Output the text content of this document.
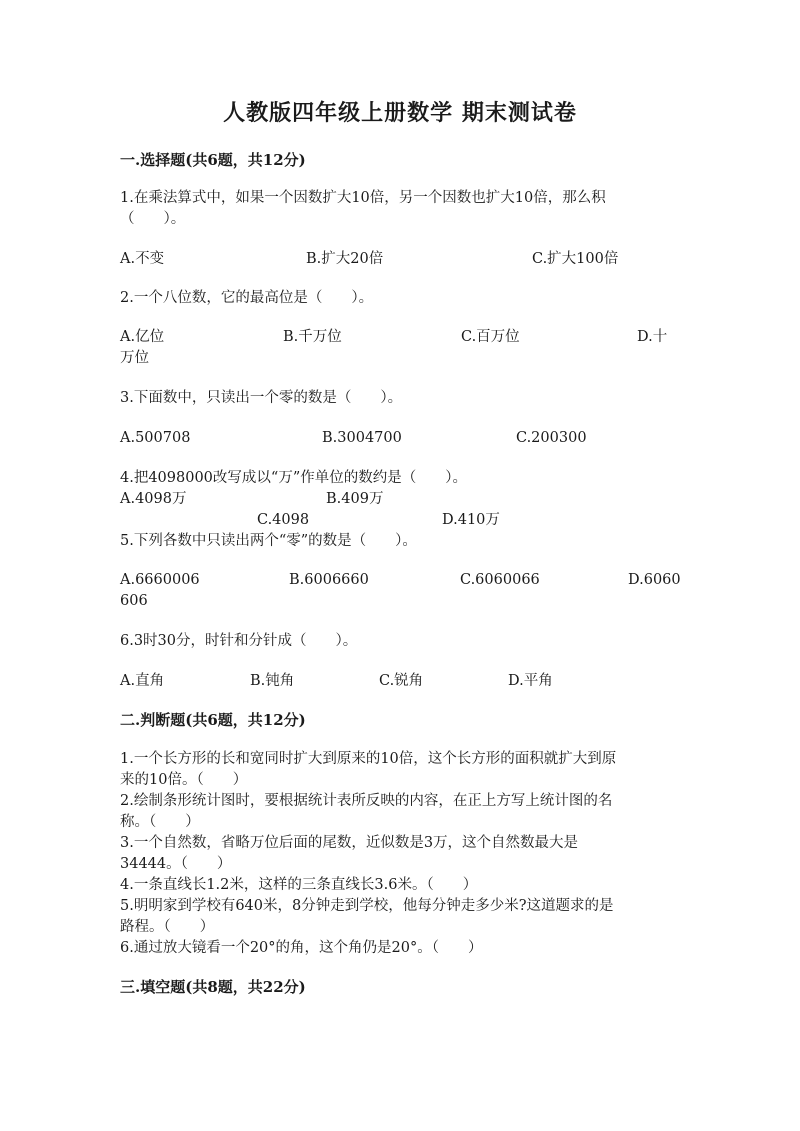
人教版四年级上册数学 期末测试卷
一.选择题(共6题，共12分)
1.在乘法算式中，如果一个因数扩大10倍，另一个因数也扩大10倍，那么积
（　　）。
A.不变	B.扩大20倍	C.扩大100倍
2.一个八位数，它的最高位是（　　）。
A.亿位	B.千万位	C.百万位	D.十
万位
3.下面数中，只读出一个零的数是（　　）。
A.500708	B.3004700	C.200300
4.把4098000改写成以“万”作单位的数约是（　　）。
A.4098万	B.409万
C.4098	D.410万
5.下列各数中只读出两个“零”的数是（　　）。
A.6660006	B.6006660	C.6060066	D.6060
606
6.3时30分，时针和分针成（　　）。
A.直角	B.钝角	C.锐角	D.平角
二.判断题(共6题，共12分)
1.一个长方形的长和宽同时扩大到原来的10倍，这个长方形的面积就扩大到原
来的10倍。（　　）
2.绘制条形统计图时，要根据统计表所反映的内容，在正上方写上统计图的名
称。（　　）
3.一个自然数，省略万位后面的尾数，近似数是3万，这个自然数最大是
34444。（　　）
4.一条直线长1.2米，这样的三条直线长3.6米。（　　）
5.明明家到学校有640米，8分钟走到学校，他每分钟走多少米?这道题求的是
路程。（　　）
6.通过放大镜看一个20°的角，这个角仍是20°。（　　）
三.填空题(共8题，共22分)
